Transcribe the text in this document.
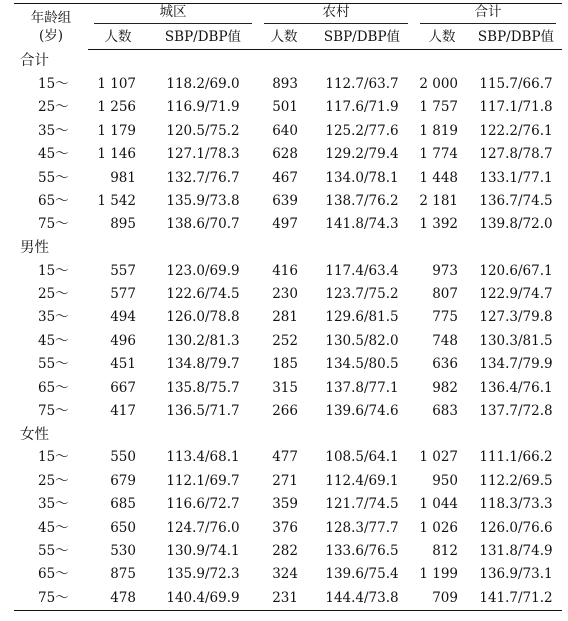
年龄组
(岁)	城区		农村		合计	

	人数	SBP/DBP值	人数	SBP/DBP值	人数	SBP/DBP值
合计						
15～	1 107	118.2/69.0	893	112.7/63.7	2 000	115.7/66.7
25～	1 256	116.9/71.9	501	117.6/71.9	1 757	117.1/71.8
35～	1 179	120.5/75.2	640	125.2/77.6	1 819	122.2/76.1
45～	1 146	127.1/78.3	628	129.2/79.4	1 774	127.8/78.7
55～	981	132.7/76.7	467	134.0/78.1	1 448	133.1/77.1
65～	1 542	135.9/73.8	639	138.7/76.2	2 181	136.7/74.5
75～	895	138.6/70.7	497	141.8/74.3	1 392	139.8/72.0
男性						
15～	557	123.0/69.9	416	117.4/63.4	973	120.6/67.1
25～	577	122.6/74.5	230	123.7/75.2	807	122.9/74.7
35～	494	126.0/78.8	281	129.6/81.5	775	127.3/79.8
45～	496	130.2/81.3	252	130.5/82.0	748	130.3/81.5
55～	451	134.8/79.7	185	134.5/80.5	636	134.7/79.9
65～	667	135.8/75.7	315	137.8/77.1	982	136.4/76.1
75～	417	136.5/71.7	266	139.6/74.6	683	137.7/72.8
女性						
15～	550	113.4/68.1	477	108.5/64.1	1 027	111.1/66.2
25～	679	112.1/69.7	271	112.4/69.1	950	112.2/69.5
35～	685	116.6/72.7	359	121.7/74.5	1 044	118.3/73.3
45～	650	124.7/76.0	376	128.3/77.7	1 026	126.0/76.6
55～	530	130.9/74.1	282	133.6/76.5	812	131.8/74.9
65～	875	135.9/72.3	324	139.6/75.4	1 199	136.9/73.1
75～	478	140.4/69.9	231	144.4/73.8	709	141.7/71.2
